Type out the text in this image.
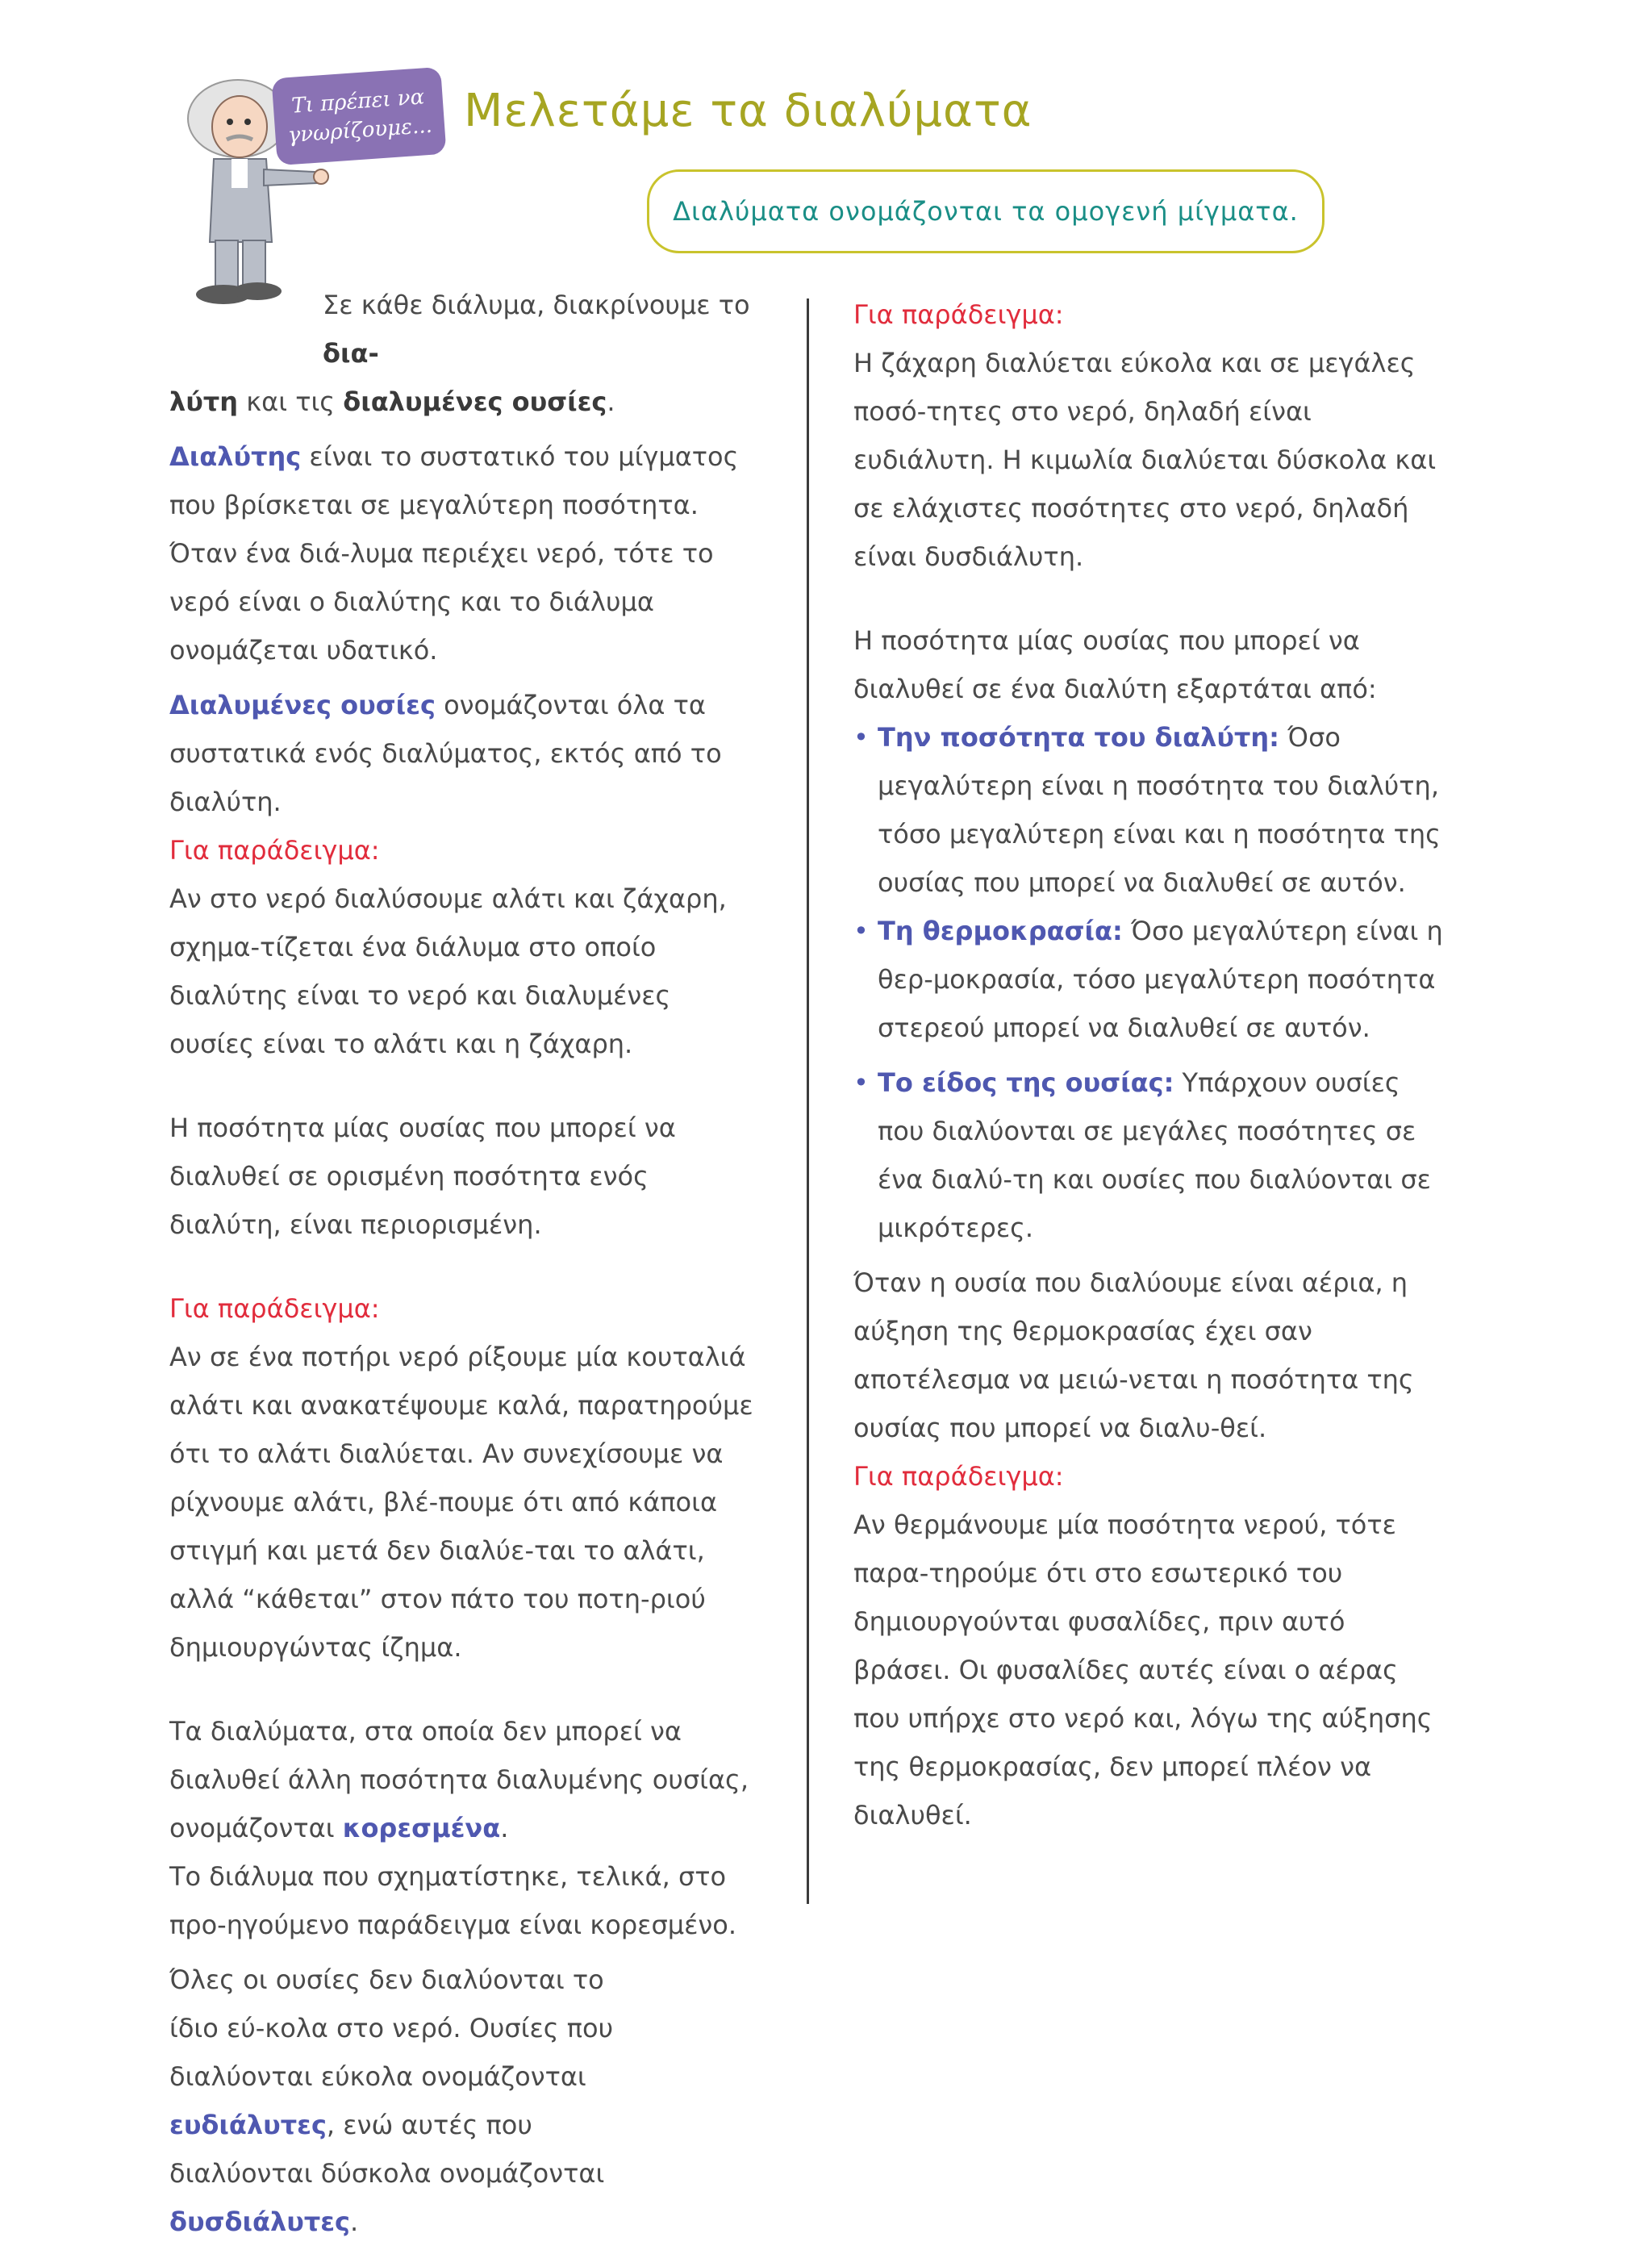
Τι πρέπει να γνωρίζουμε... Μελετάμε τα διαλύματα
Διαλύματα ονομάζονται τα ομογενή μίγματα.

Σε κάθε διάλυμα, διακρίνουμε το δια-

λύτη και τις διαλυμένες ουσίες.

Διαλύτης είναι το συστατικό του μίγματος που βρίσκεται σε μεγαλύτερη ποσότητα. Όταν ένα διά-λυμα περιέχει νερό, τότε το νερό είναι ο διαλύτης και το διάλυμα ονομάζεται υδατικό.

Διαλυμένες ουσίες ονομάζονται όλα τα συστατικά ενός διαλύματος, εκτός από το διαλύτη.

Για παράδειγμα:

Αν στο νερό διαλύσουμε αλάτι και ζάχαρη, σχημα-τίζεται ένα διάλυμα στο οποίο διαλύτης είναι το νερό και διαλυμένες ουσίες είναι το αλάτι και η ζάχαρη.

Η ποσότητα μίας ουσίας που μπορεί να διαλυθεί σε ορισμένη ποσότητα ενός διαλύτη, είναι περιορισμένη.

Για παράδειγμα:

Αν σε ένα ποτήρι νερό ρίξουμε μία κουταλιά αλάτι και ανακατέψουμε καλά, παρατηρούμε ότι το αλάτι διαλύεται. Αν συνεχίσουμε να ρίχνουμε αλάτι, βλέ-πουμε ότι από κάποια στιγμή και μετά δεν διαλύε-ται το αλάτι, αλλά “κάθεται” στον πάτο του ποτη-ριού δημιουργώντας ίζημα.

Τα διαλύματα, στα οποία δεν μπορεί να διαλυθεί άλλη ποσότητα διαλυμένης ουσίας, ονομάζονται κορεσμένα.

Το διάλυμα που σχηματίστηκε, τελικά, στο προ-ηγούμενο παράδειγμα είναι κορεσμένο.

Όλες οι ουσίες δεν διαλύονται το ίδιο εύ-κολα στο νερό. Ουσίες που διαλύονται εύκολα ονομάζονται ευδιάλυτες, ενώ αυτές που διαλύονται δύσκολα ονομάζονται δυσδιάλυτες.

Για παράδειγμα:

Η ζάχαρη διαλύεται εύκολα και σε μεγάλες ποσό-τητες στο νερό, δηλαδή είναι ευδιάλυτη. Η κιμωλία διαλύεται δύσκολα και σε ελάχιστες ποσότητες στο νερό, δηλαδή είναι δυσδιάλυτη.

Η ποσότητα μίας ουσίας που μπορεί να διαλυθεί σε ένα διαλύτη εξαρτάται από:

• Την ποσότητα του διαλύτη: Όσο μεγαλύτερη είναι η ποσότητα του διαλύτη, τόσο μεγαλύτερη είναι και η ποσότητα της ουσίας που μπορεί να διαλυθεί σε αυτόν.

• Τη θερμοκρασία: Όσο μεγαλύτερη είναι η θερ-μοκρασία, τόσο μεγαλύτερη ποσότητα στερεού μπορεί να διαλυθεί σε αυτόν.

• Το είδος της ουσίας: Υπάρχουν ουσίες που διαλύονται σε μεγάλες ποσότητες σε ένα διαλύ-τη και ουσίες που διαλύονται σε μικρότερες.

Όταν η ουσία που διαλύουμε είναι αέρια, η αύξηση της θερμοκρασίας έχει σαν αποτέλεσμα να μειώ-νεται η ποσότητα της ουσίας που μπορεί να διαλυ-θεί.

Για παράδειγμα:

Αν θερμάνουμε μία ποσότητα νερού, τότε παρα-τηρούμε ότι στο εσωτερικό του δημιουργούνται φυσαλίδες, πριν αυτό βράσει. Οι φυσαλίδες αυτές είναι ο αέρας που υπήρχε στο νερό και, λόγω της αύξησης της θερμοκρασίας, δεν μπορεί πλέον να διαλυθεί.
